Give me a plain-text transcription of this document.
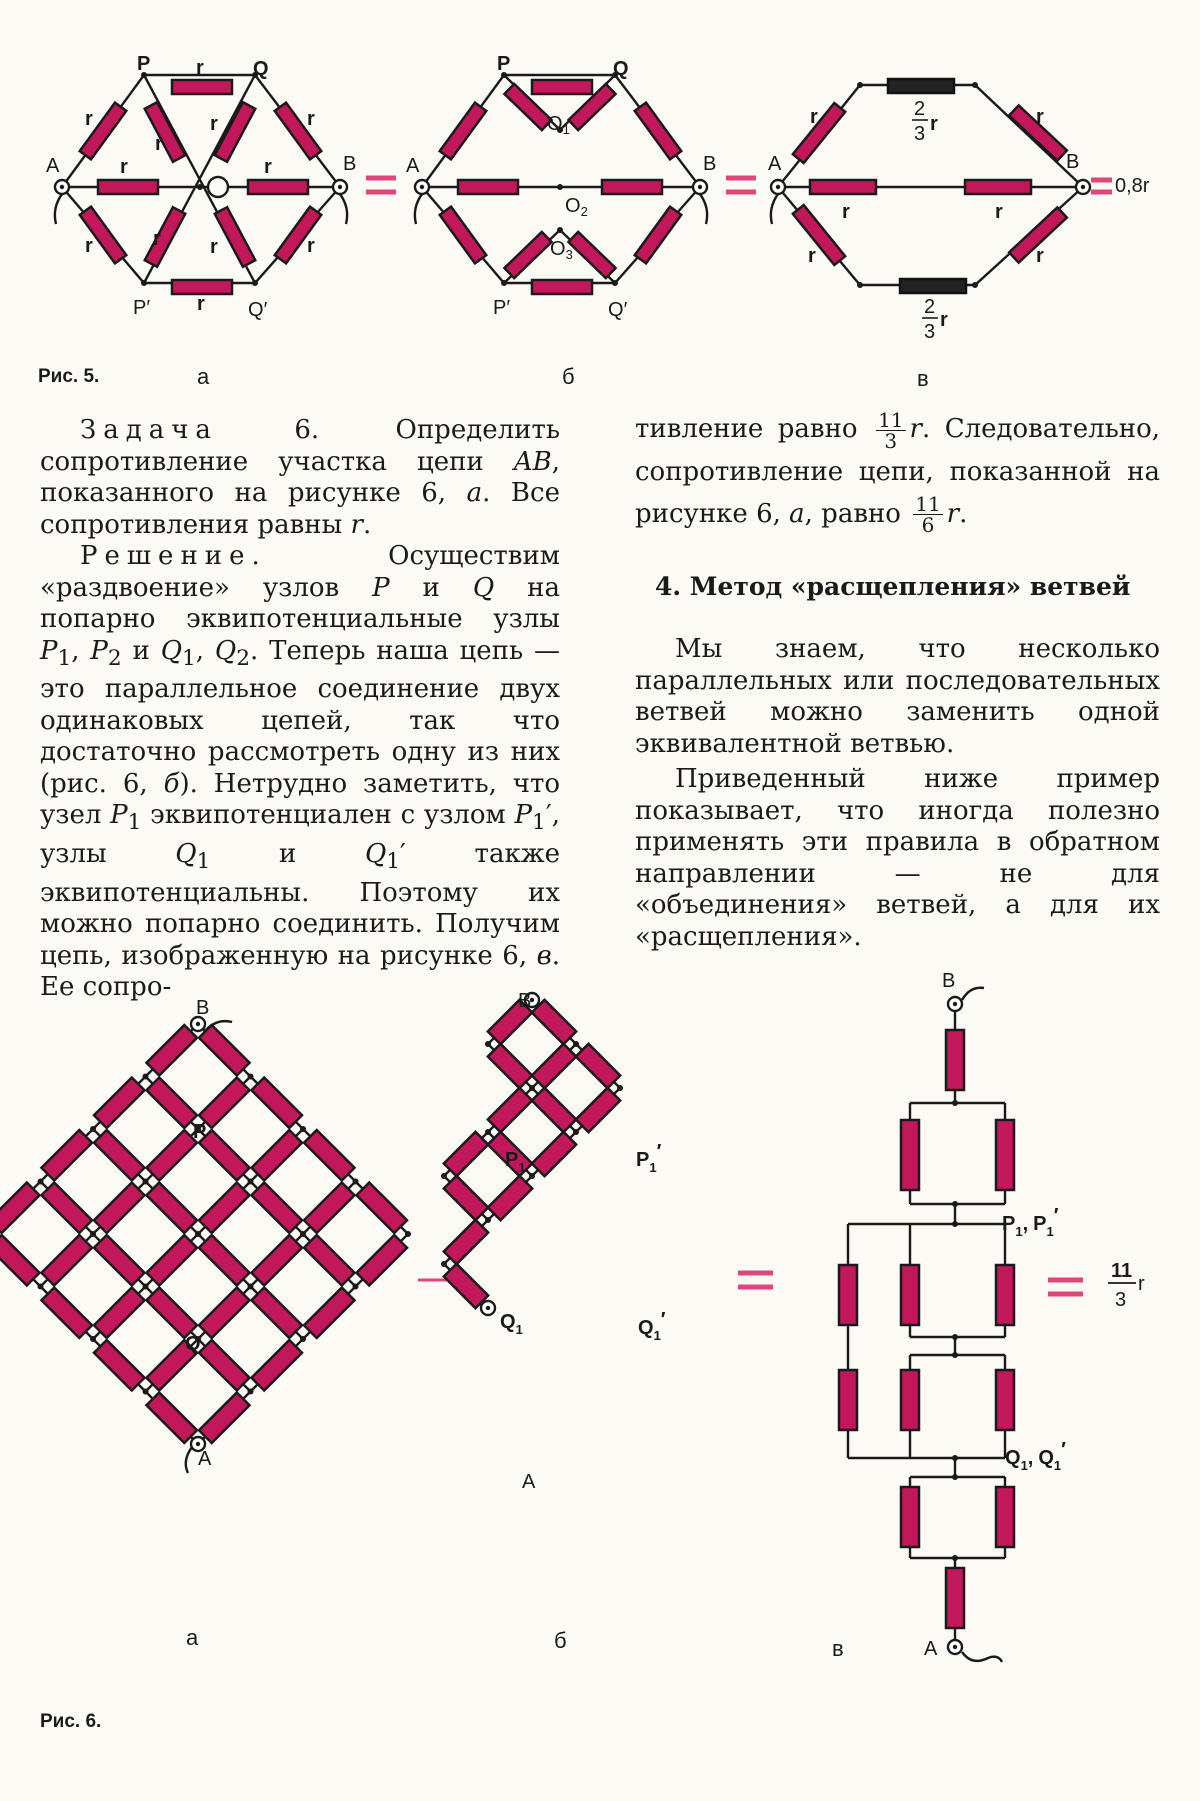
A	B
P	Q
P′	Q′
r
r	r
r
r	r
r	r
r
r
r r
A	B
P	Q
P′	Q′
$O_1$
$O_2$
$O_3$
A	B
r	r
r	r
r	r
2
3 r
2
3
r
0,8r
Рис. 5.	а	б	в

Задача 6. Определить сопротивление участка цепи AB, показанного на рисунке 6, а. Все сопротивления равны r.

Решение. Осуществим «раздвоение» узлов P и Q на попарно эквипотенциальные узлы $P_1$, $P_2$ и $Q_1$, $Q_2$. Теперь наша цепь — это параллельное соединение двух одинаковых цепей, так что достаточно рассмотреть одну из них (рис. 6, б). Нетрудно заметить, что узел $P_1$ эквипотенциален с узлом $P_1'$, узлы $Q_1$ и $Q_1'$ также эквипотенциальны. Поэтому их можно попарно соединить. Получим цепь, изображенную на рисунке 6, в. Ее сопро-

тивление равно $\frac{11}{3} r$. Следовательно, сопротивление цепи, показанной на рисунке 6, а, равно $\frac{11}{6} r$.

4. Метод «расщепления» ветвей

Мы знаем, что несколько параллельных или последовательных ветвей можно заменить одной эквивалентной ветвью.

Приведенный ниже пример показывает, что иногда полезно применять эти правила в обратном направлении — не для «объединения» ветвей, а для их «расщепления».

B
A
P
Q
B
A
$P_1$	$P_1'$
$Q_1$	$Q_1'$
B
A
$P_1$, $P_1'$
$Q_1$, $Q_1'$
11
3
r
Рис. 6.
а	б	в
